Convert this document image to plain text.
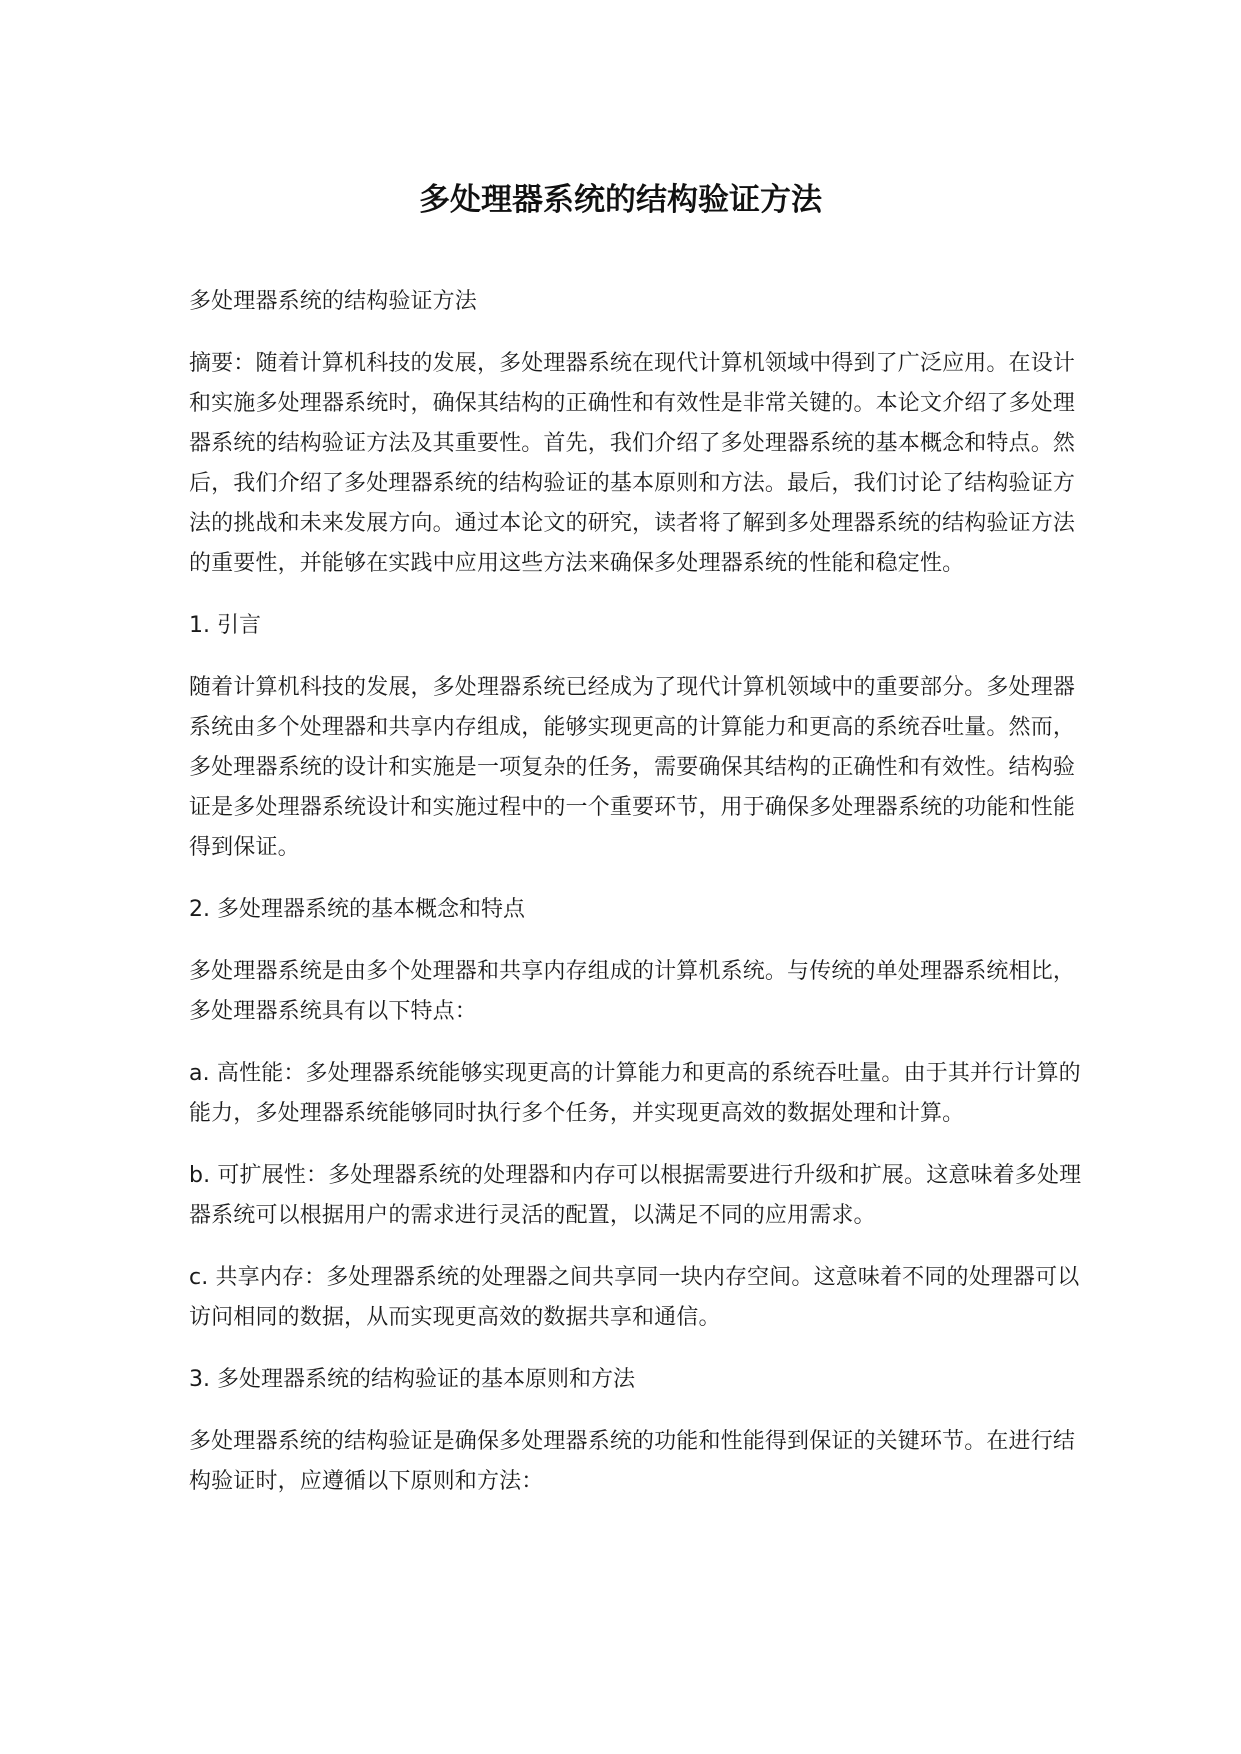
多处理器系统的结构验证方法

多处理器系统的结构验证方法

摘要：随着计算机科技的发展，多处理器系统在现代计算机领域中得到了广泛应用。在设计和实施多处理器系统时，确保其结构的正确性和有效性是非常关键的。本论文介绍了多处理器系统的结构验证方法及其重要性。首先，我们介绍了多处理器系统的基本概念和特点。然后，我们介绍了多处理器系统的结构验证的基本原则和方法。最后，我们讨论了结构验证方法的挑战和未来发展方向。通过本论文的研究，读者将了解到多处理器系统的结构验证方法的重要性，并能够在实践中应用这些方法来确保多处理器系统的性能和稳定性。

1. 引言

随着计算机科技的发展，多处理器系统已经成为了现代计算机领域中的重要部分。多处理器系统由多个处理器和共享内存组成，能够实现更高的计算能力和更高的系统吞吐量。然而，多处理器系统的设计和实施是一项复杂的任务，需要确保其结构的正确性和有效性。结构验证是多处理器系统设计和实施过程中的一个重要环节，用于确保多处理器系统的功能和性能得到保证。

2. 多处理器系统的基本概念和特点

多处理器系统是由多个处理器和共享内存组成的计算机系统。与传统的单处理器系统相比，多处理器系统具有以下特点：

a. 高性能：多处理器系统能够实现更高的计算能力和更高的系统吞吐量。由于其并行计算的能力，多处理器系统能够同时执行多个任务，并实现更高效的数据处理和计算。

b. 可扩展性：多处理器系统的处理器和内存可以根据需要进行升级和扩展。这意味着多处理器系统可以根据用户的需求进行灵活的配置，以满足不同的应用需求。

c. 共享内存：多处理器系统的处理器之间共享同一块内存空间。这意味着不同的处理器可以访问相同的数据，从而实现更高效的数据共享和通信。

3. 多处理器系统的结构验证的基本原则和方法

多处理器系统的结构验证是确保多处理器系统的功能和性能得到保证的关键环节。在进行结构验证时，应遵循以下原则和方法：
